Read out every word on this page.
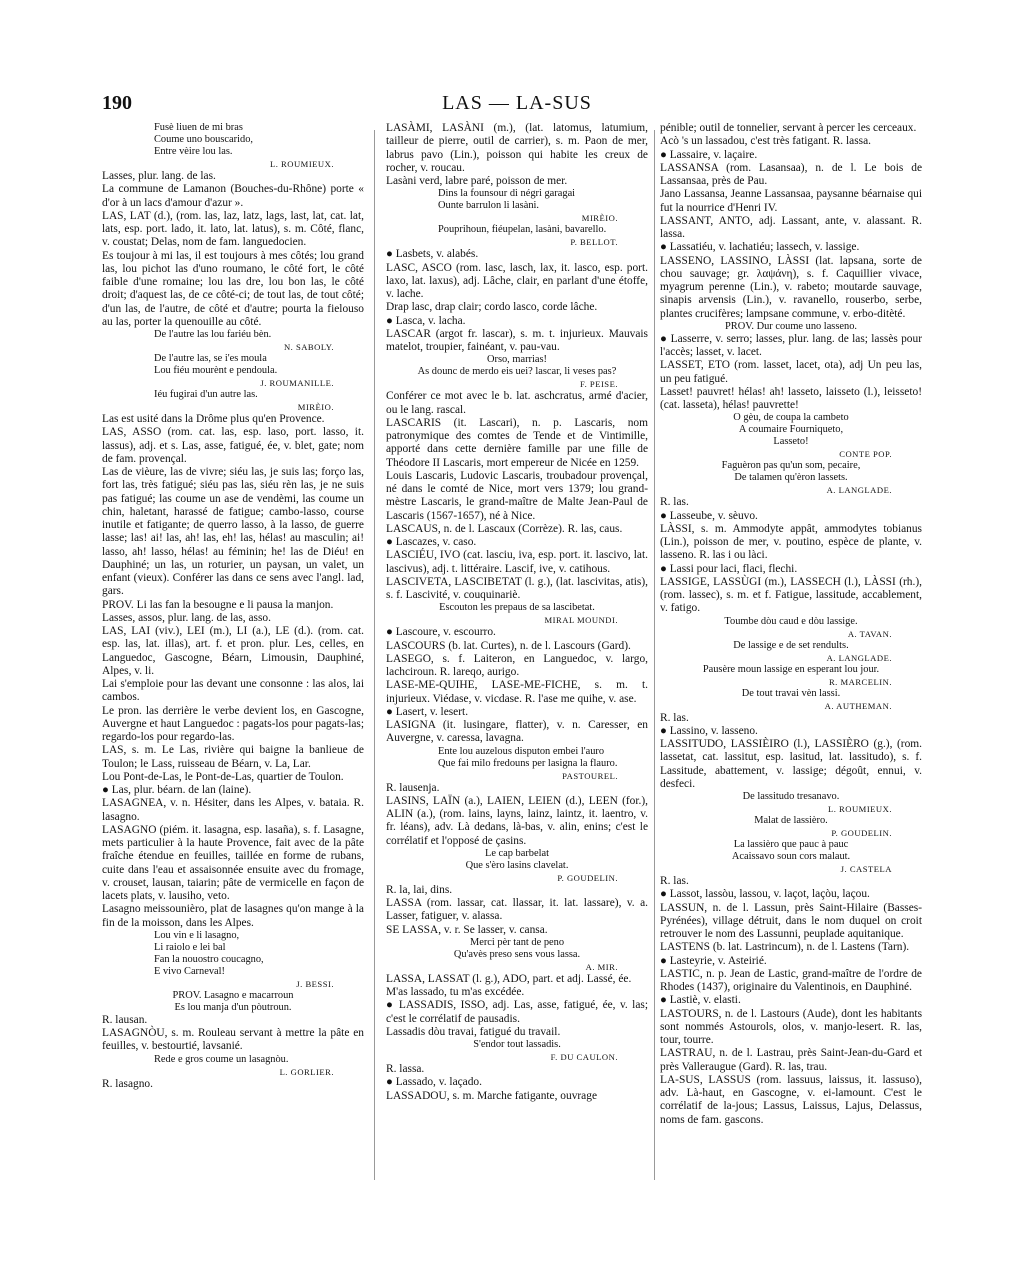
LAS — LA-SUS
190

Fusè liuen de mi bras

Coume uno bouscarido,

Entre vèire lou las.

L. ROUMIEUX.

Lasses, plur. lang. de las.

La commune de Lamanon (Bouches-du-Rhône) porte « d'or à un lacs d'amour d'azur ».

LAS, LAT (d.), (rom. las, laz, latz, lags, last, lat, cat. lat, lats, esp. port. lado, it. lato, lat. latus), s. m. Côté, flanc, v. coustat; Delas, nom de fam. languedocien.

Es toujour à mi las, il est toujours à mes côtés; lou grand las, lou pichot las d'uno roumano, le côté fort, le côté faible d'une romaine; lou las dre, lou bon las, le côté droit; d'aquest las, de ce côté-ci; de tout las, de tout côté; d'un las, de l'autre, de côté et d'autre; pourta la fielouso au las, porter la quenouille au côté.

De l'autre las lou fariéu bèn.

N. SABOLY.

De l'autre las, se i'es moula

Lou fiéu mourènt e pendoula.

J. ROUMANILLE.

Iéu fugirai d'un autre las.

MIRÈIO.

Las est usité dans la Drôme plus qu'en Provence.

LAS, ASSO (rom. cat. las, esp. laso, port. lasso, it. lassus), adj. et s. Las, asse, fatigué, ée, v. blet, gate; nom de fam. provençal.

Las de vièure, las de vivre; siéu las, je suis las; forço las, fort las, très fatigué; siéu pas las, siéu rèn las, je ne suis pas fatigué; las coume un ase de vendèmi, las coume un chin, haletant, harassé de fatigue; cambo-lasso, course inutile et fatigante; de querro lasso, à la lasso, de guerre lasse; las! ai! las, ah! las, eh! las, hélas! au masculin; ai! lasso, ah! lasso, hélas! au féminin; he! las de Diéu! en Dauphiné; un las, un roturier, un paysan, un valet, un enfant (vieux). Conférer las dans ce sens avec l'angl. lad, gars.

PROV. Li las fan la besougne e li pausa la manjon.

Lasses, assos, plur. lang. de las, asso.

LAS, LAI (viv.), LEI (m.), LI (a.), LE (d.). (rom. cat. esp. las, lat. illas), art. f. et pron. plur. Les, celles, en Languedoc, Gascogne, Béarn, Limousin, Dauphiné, Alpes, v. li.

Lai s'emploie pour las devant une consonne : las alos, lai cambos.

Le pron. las derrière le verbe devient los, en Gascogne, Auvergne et haut Languedoc : pagats-los pour pagats-las; regardo-los pour regardo-las.

LAS, s. m. Le Las, rivière qui baigne la banlieue de Toulon; le Lass, ruisseau de Béarn, v. La, Lar.

Lou Pont-de-Las, le Pont-de-Las, quartier de Toulon.

● Las, plur. béarn. de lan (laine).

LASAGNEA, v. n. Hésiter, dans les Alpes, v. bataia. R. lasagno.

LASAGNO (piém. it. lasagna, esp. lasaña), s. f. Lasagne, mets particulier à la haute Provence, fait avec de la pâte fraîche étendue en feuilles, taillée en forme de rubans, cuite dans l'eau et assaisonnée ensuite avec du fromage, v. crouset, lausan, taiarin; pâte de vermicelle en façon de lacets plats, v. lausiho, veto.

Lasagno meissounièro, plat de lasagnes qu'on mange à la fin de la moisson, dans les Alpes.

Lou vin e li lasagno,

Li raiolo e lei bal

Fan la nouostro coucagno,

E vivo Carneval!

J. BESSI.

PROV. Lasagno e macarroun

Es lou manja d'un pòutroun.

R. lausan.

LASAGNÒU, s. m. Rouleau servant à mettre la pâte en feuilles, v. bestourtié, lavsanié.

Rede e gros coume un lasagnòu.

L. GORLIER.

R. lasagno.

LASÀMI, LASÀNI (m.), (lat. latomus, latumium, tailleur de pierre, outil de carrier), s. m. Paon de mer, labrus pavo (Lin.), poisson qui habite les creux de rocher, v. roucau.

Lasàni verd, labre paré, poisson de mer.

Dins la founsour di négri garagai

Ounte barrulon li lasàni.

MIRÈIO.

Pouprihoun, fiéupelan, lasàni, bavarello.

P. BELLOT.

● Lasbets, v. alabés.

LASC, ASCO (rom. lasc, lasch, lax, it. lasco, esp. port. laxo, lat. laxus), adj. Lâche, clair, en parlant d'une étoffe, v. lache.

Drap lasc, drap clair; cordo lasco, corde lâche.

● Lasca, v. lacha.

LASCAR (argot fr. lascar), s. m. t. injurieux. Mauvais matelot, troupier, fainéant, v. pau-vau.

Orso, marrias!

As dounc de merdo eis uei? lascar, li veses pas?

F. PEISE.

Conférer ce mot avec le b. lat. aschcratus, armé d'acier, ou le lang. rascal.

LASCARIS (it. Lascari), n. p. Lascaris, nom patronymique des comtes de Tende et de Vintimille, apporté dans cette dernière famille par une fille de Théodore II Lascaris, mort empereur de Nicée en 1259.

Louis Lascaris, Ludovic Lascaris, troubadour provençal, né dans le comté de Nice, mort vers 1379; lou grand-mèstre Lascaris, le grand-maître de Malte Jean-Paul de Lascaris (1567-1657), né à Nice.

LASCAUS, n. de l. Lascaux (Corrèze). R. las, caus.

● Lascazes, v. caso.

LASCIÉU, IVO (cat. lasciu, iva, esp. port. it. lascivo, lat. lascivus), adj. t. littéraire. Lascif, ive, v. catihous.

LASCIVETA, LASCIBETAT (l. g.), (lat. lascivitas, atis), s. f. Lascivité, v. couquinariè.

Escouton les prepaus de sa lascibetat.

MIRAL MOUNDI.

● Lascoure, v. escourro.

LASCOURS (b. lat. Curtes), n. de l. Lascours (Gard).

LASEGO, s. f. Laiteron, en Languedoc, v. largo, lachciroun. R. lareqo, aurigo.

LASE-ME-QUIHE, LASE-ME-FICHE, s. m. t. injurieux. Viédase, v. vicdase. R. l'ase me quihe, v. ase.

● Lasert, v. lesert.

LASIGNA (it. lusingare, flatter), v. n. Caresser, en Auvergne, v. caressa, lavagna.

Ente lou auzelous disputon embei l'auro

Que fai milo fredouns per lasigna la flauro.

PASTOUREL.

R. lausenja.

LASINS, LAÏN (a.), LAIEN, LEIEN (d.), LEEN (for.), ALIN (a.), (rom. lains, layns, lainz, laintz, it. laentro, v. fr. léans), adv. Là dedans, là-bas, v. alin, enins; c'est le corrélatif et l'opposé de çasins.

Le cap barbelat

Que s'èro lasins clavelat.

P. GOUDELIN.

R. la, lai, dins.

LASSA (rom. lassar, cat. llassar, it. lat. lassare), v. a. Lasser, fatiguer, v. alassa.

SE LASSA, v. r. Se lasser, v. cansa.

Merci pèr tant de peno

Qu'avès preso sens vous lassa.

A. MIR.

LASSA, LASSAT (l. g.), ADO, part. et adj. Lassé, ée.

M'as lassado, tu m'as excédée.

● LASSADIS, ISSO, adj. Las, asse, fatigué, ée, v. las; c'est le corrélatif de pausadis.

Lassadis dòu travai, fatigué du travail.

S'endor tout lassadis.

F. DU CAULON.

R. lassa.

● Lassado, v. laçado.

LASSADOU, s. m. Marche fatigante, ouvrage

pénible; outil de tonnelier, servant à percer les cerceaux.

Acò 's un lassadou, c'est très fatigant. R. lassa.

● Lassaire, v. laçaire.

LASSANSA (rom. Lasansaa), n. de l. Le bois de Lassansaa, près de Pau.

Jano Lassansa, Jeanne Lassansaa, paysanne béarnaise qui fut la nourrice d'Henri IV.

LASSANT, ANTO, adj. Lassant, ante, v. alassant. R. lassa.

● Lassatiéu, v. lachatiéu; lassech, v. lassige.

LASSENO, LASSINO, LÀSSI (lat. lapsana, sorte de chou sauvage; gr. λαψάνη), s. f. Caquillier vivace, myagrum perenne (Lin.), v. rabeto; moutarde sauvage, sinapis arvensis (Lin.), v. ravanello, rouserbo, serbe, plantes crucifères; lampsane commune, v. erbo-ditèté.

PROV. Dur coume uno lasseno.

● Lasserre, v. serro; lasses, plur. lang. de las; lassès pour l'accès; lasset, v. lacet.

LASSET, ETO (rom. lasset, lacet, ota), adj Un peu las, un peu fatigué.

Lasset! pauvret! hélas! ah! lasseto, laisseto (l.), leisseto! (cat. lasseta), hélas! pauvrette!

O gèu, de coupa la cambeto

A coumaire Fourniqueto,

Lasseto!

CONTE POP.

Faguèron pas qu'un som, pecaire,

De talamen qu'èron lassets.

A. LANGLADE.

R. las.

● Lasseube, v. sèuvo.

LÀSSI, s. m. Ammodyte appât, ammodytes tobianus (Lin.), poisson de mer, v. poutino, espèce de plante, v. lasseno. R. las i ou làci.

● Lassi pour laci, flaci, flechi.

LASSIGE, LASSÙGI (m.), LASSECH (l.), LÀSSI (rh.), (rom. lassec), s. m. et f. Fatigue, lassitude, accablement, v. fatigo.

Toumbe dòu caud e dòu lassige.

A. TAVAN.

De lassige e de set rendults.

A. LANGLADE.

Pausère moun lassige en esperant lou jour.

R. MARCELIN.

De tout travai vèn lassi.

A. AUTHEMAN.

R. las.

● Lassino, v. lasseno.

LASSITUDO, LASSIÈIRO (l.), LASSIÈRO (g.), (rom. lassetat, cat. lassitut, esp. lasitud, lat. lassitudo), s. f. Lassitude, abattement, v. lassige; dégoût, ennui, v. desfeci.

De lassitudo tresanavo.

L. ROUMIEUX.

Malat de lassièro.

P. GOUDELIN.

La lassièro que pauc à pauc

Acaissavo soun cors malaut.

J. CASTELA

R. las.

● Lassot, lassòu, lassou, v. laçot, laçòu, laçou.

LASSUN, n. de l. Lassun, près Saint-Hilaire (Basses-Pyrénées), village détruit, dans le nom duquel on croit retrouver le nom des Lassunni, peuplade aquitanique.

LASTENS (b. lat. Lastrincum), n. de l. Lastens (Tarn).

● Lasteyrie, v. Asteirié.

LASTIC, n. p. Jean de Lastic, grand-maître de l'ordre de Rhodes (1437), originaire du Valentinois, en Dauphiné.

● Lastiè, v. elasti.

LASTOURS, n. de l. Lastours (Aude), dont les habitants sont nommés Astourols, olos, v. manjo-lesert. R. las, tour, tourre.

LASTRAU, n. de l. Lastrau, près Saint-Jean-du-Gard et près Valleraugue (Gard). R. las, trau.

LA-SUS, LASSUS (rom. lassuus, laissus, it. lassuso), adv. Là-haut, en Gascogne, v. ei-lamount. C'est le corrélatif de la-jous; Lassus, Laissus, Lajus, Delassus, noms de fam. gascons.
